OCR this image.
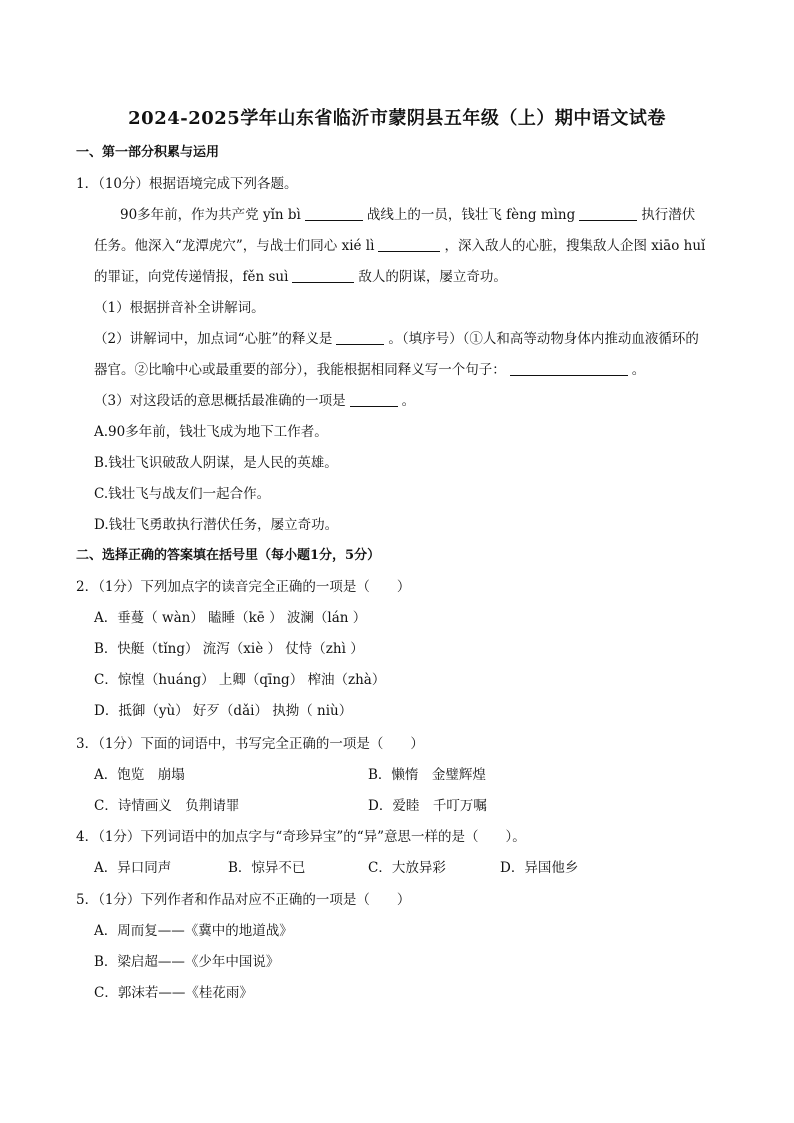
2024-2025学年山东省临沂市蒙阴县五年级（上）期中语文试卷
一、第一部分积累与运用
1．（10分）根据语境完成下列各题。
90多年前，作为共产党 yǐn bì	战线上的一员，钱壮飞 fèng mìng	执行潜伏
任务。他深入“龙潭虎穴”，与战士们同心 xié lì	，深入敌人的心脏，搜集敌人企图 xiāo huǐ
的罪证，向党传递情报，fěn suì	敌人的阴谋，屡立奇功。
（1）根据拼音补全讲解词。
（2）讲解词中，加点词“心脏”的释义是	。（填序号）（①人和高等动物身体内推动血液循环的
器官。②比喻中心或最重要的部分），我能根据相同释义写一个句子：	。
（3）对这段话的意思概括最准确的一项是	。
A.90多年前，钱壮飞成为地下工作者。
B.钱壮飞识破敌人阴谋，是人民的英雄。
C.钱壮飞与战友们一起合作。
D.钱壮飞勇敢执行潜伏任务，屡立奇功。
二、选择正确的答案填在括号里（每小题1分，5分）
2．（1分）下列加点字的读音完全正确的一项是（　　）
A．垂蔓（ wàn） 瞌睡（kē ） 波澜（lán ）
B．快艇（tǐng） 流泻（xiè ） 仗恃（zhì ）
C．惊惶（huáng） 上卿（qīng） 榨油（zhà）
D．抵御（yù） 好歹（dǎi） 执拗（ niù）
3．（1分）下面的词语中，书写完全正确的一项是（　　）
A．饱览　崩塌	B．懒惰　金璧辉煌
C．诗情画义　负荆请罪	D．爱睦　千叮万嘱
4．（1分）下列词语中的加点字与“奇珍异宝”的“异”意思一样的是（　　）。
A．异口同声	B．惊异不已	C．大放异彩	D．异国他乡
5．（1分）下列作者和作品对应不正确的一项是（　　）
A．周而复——《冀中的地道战》
B．梁启超——《少年中国说》
C．郭沫若——《桂花雨》
